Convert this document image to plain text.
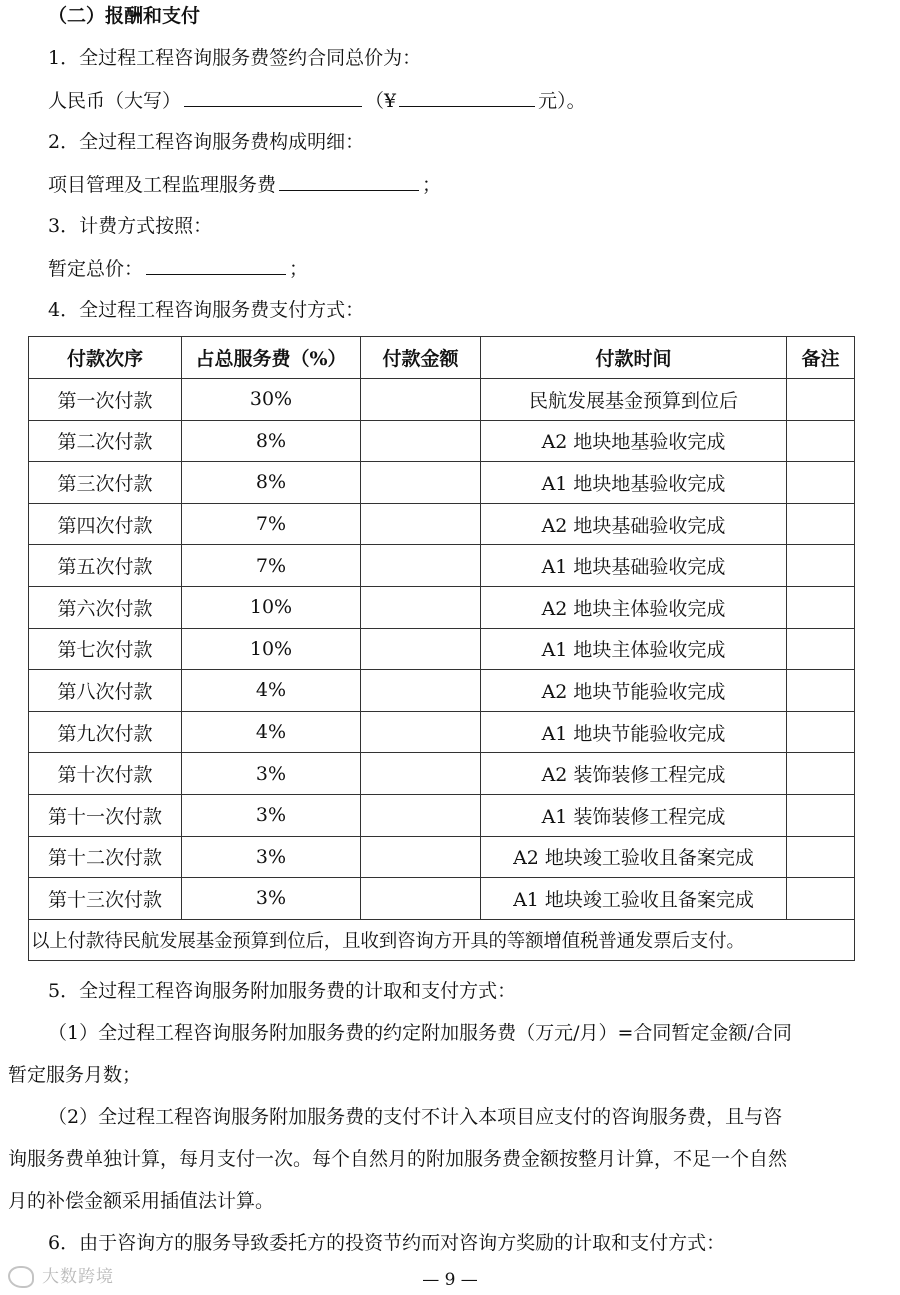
（二）报酬和支付
1．全过程工程咨询服务费签约合同总价为：
人民币（大写）	（¥	元）。
2．全过程工程咨询服务费构成明细：
项目管理及工程监理服务费	；
3．计费方式按照：
暂定总价：	；
4．全过程工程咨询服务费支付方式：
付款次序	占总服务费（%）	付款金额	付款时间	备注
第一次付款	30%		民航发展基金预算到位后	
第二次付款	8%		A2 地块地基验收完成	
第三次付款	8%		A1 地块地基验收完成	
第四次付款	7%		A2 地块基础验收完成	
第五次付款	7%		A1 地块基础验收完成	
第六次付款	10%		A2 地块主体验收完成	
第七次付款	10%		A1 地块主体验收完成	
第八次付款	4%		A2 地块节能验收完成	
第九次付款	4%		A1 地块节能验收完成	
第十次付款	3%		A2 装饰装修工程完成	
第十一次付款	3%		A1 装饰装修工程完成	
第十二次付款	3%		A2 地块竣工验收且备案完成	
第十三次付款	3%		A1 地块竣工验收且备案完成	
以上付款待民航发展基金预算到位后，且收到咨询方开具的等额增值税普通发票后支付。				
5．全过程工程咨询服务附加服务费的计取和支付方式：
（1）全过程工程咨询服务附加服务费的约定附加服务费（万元/月）=合同暂定金额/合同
暂定服务月数；
（2）全过程工程咨询服务附加服务费的支付不计入本项目应支付的咨询服务费，且与咨
询服务费单独计算，每月支付一次。每个自然月的附加服务费金额按整月计算，不足一个自然
月的补偿金额采用插值法计算。
6．由于咨询方的服务导致委托方的投资节约而对咨询方奖励的计取和支付方式：
大数跨境	— 9 —
